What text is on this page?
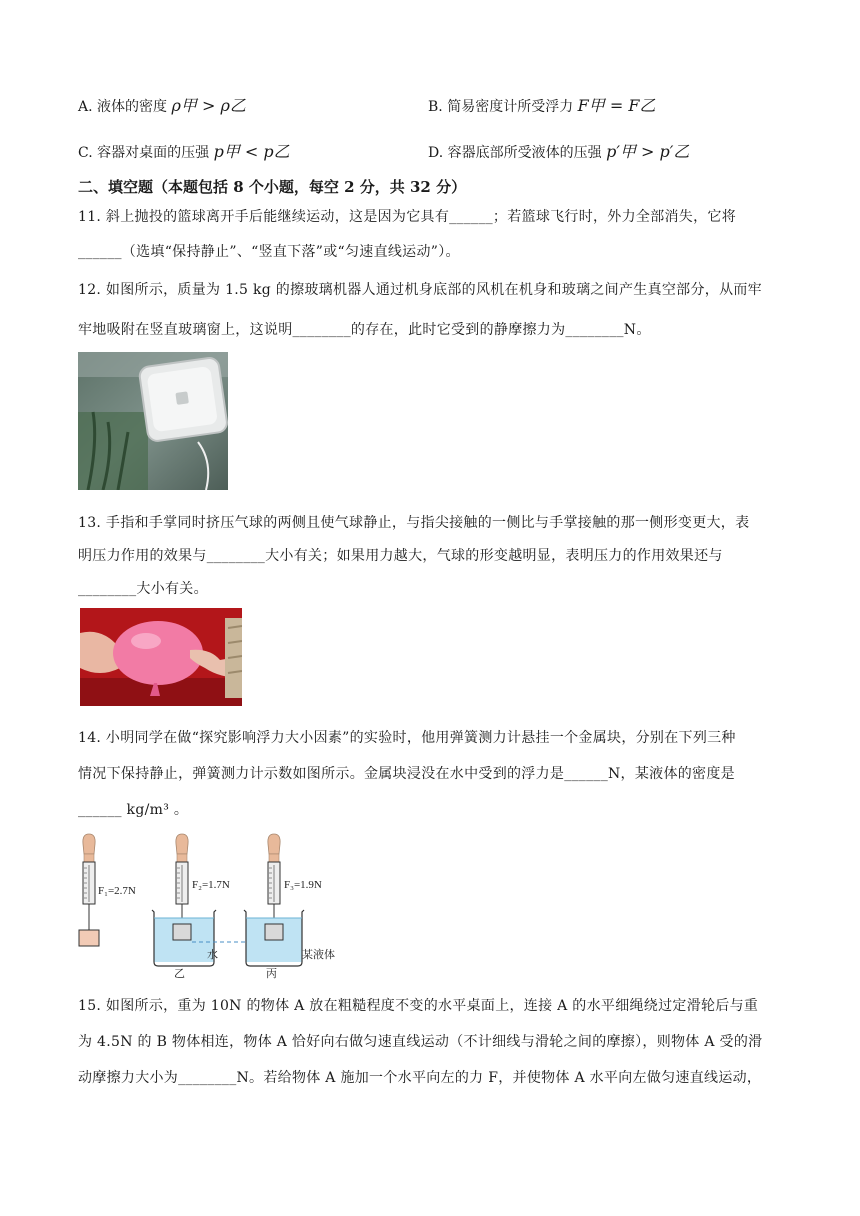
A. 液体的密度 ρ甲 > ρ乙	B. 简易密度计所受浮力 F甲 = F乙
C. 容器对桌面的压强 p甲 < p乙	D. 容器底部所受液体的压强 p′甲 > p′乙
二、填空题（本题包括 8 个小题，每空 2 分，共 32 分）
11. 斜上抛投的篮球离开手后能继续运动，这是因为它具有______；若篮球飞行时，外力全部消失，它将
______（选填“保持静止”、“竖直下落”或“匀速直线运动”）。
12. 如图所示，质量为 1.5 kg 的擦玻璃机器人通过机身底部的风机在机身和玻璃之间产生真空部分，从而牢
牢地吸附在竖直玻璃窗上，这说明________的存在，此时它受到的静摩擦力为________N。
13. 手指和手掌同时挤压气球的两侧且使气球静止，与指尖接触的一侧比与手掌接触的那一侧形变更大，表
明压力作用的效果与________大小有关；如果用力越大，气球的形变越明显，表明压力的作用效果还与
________大小有关。
14. 小明同学在做“探究影响浮力大小因素”的实验时，他用弹簧测力计悬挂一个金属块，分别在下列三种
情况下保持静止，弹簧测力计示数如图所示。金属块浸没在水中受到的浮力是______N，某液体的密度是
______ kg/m³ 。
F₁=2.7N	F₂=1.7N
水
乙
F₃=1.9N
某液体
丙
15. 如图所示，重为 10N 的物体 A 放在粗糙程度不变的水平桌面上，连接 A 的水平细绳绕过定滑轮后与重
为 4.5N 的 B 物体相连，物体 A 恰好向右做匀速直线运动（不计细线与滑轮之间的摩擦），则物体 A 受的滑
动摩擦力大小为________N。若给物体 A 施加一个水平向左的力 F，并使物体 A 水平向左做匀速直线运动，
